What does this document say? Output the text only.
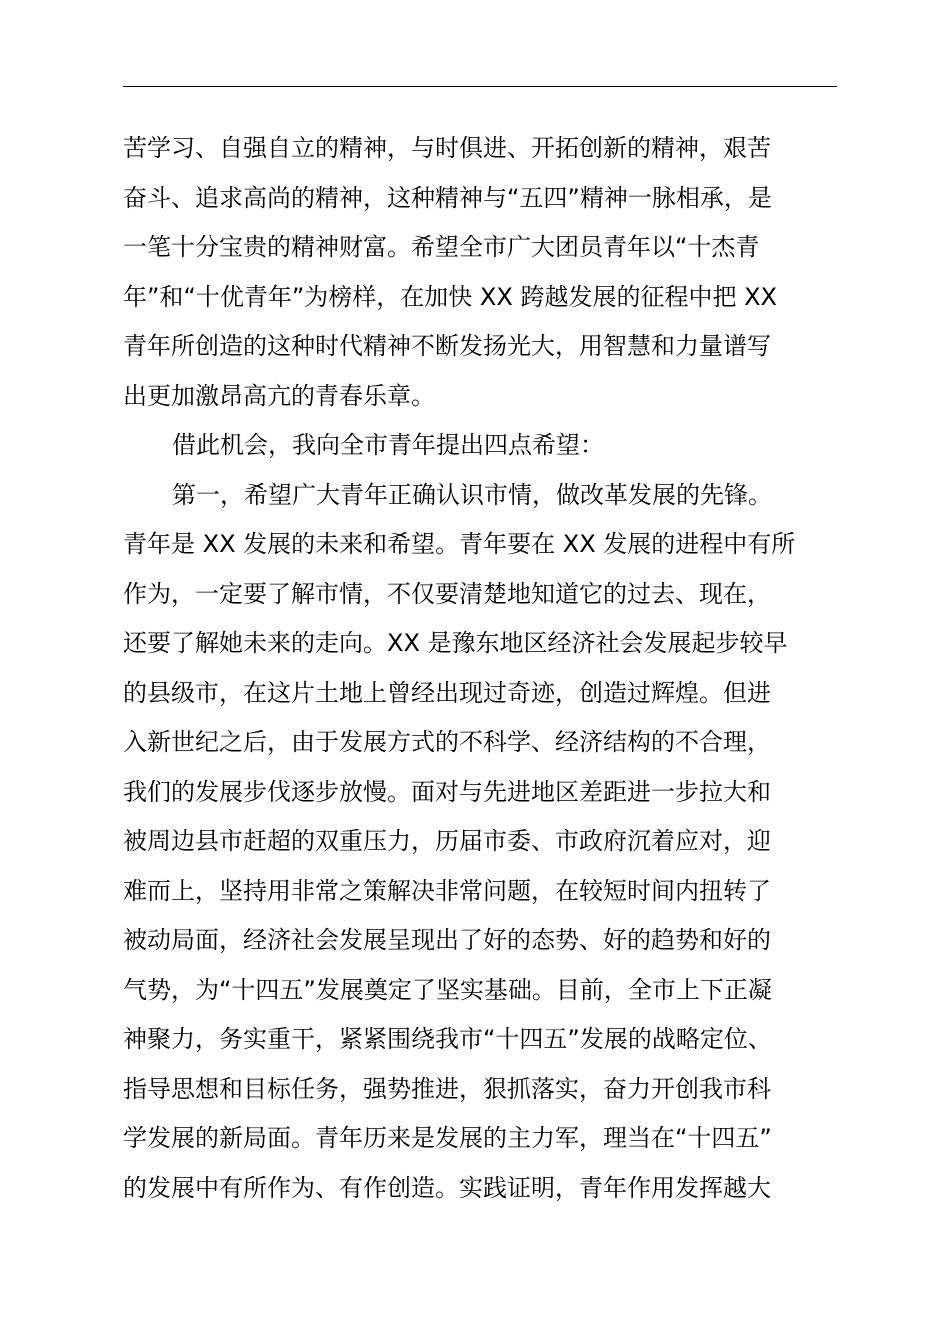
苦学习、自强自立的精神，与时俱进、开拓创新的精神，艰苦
奋斗、追求高尚的精神，这种精神与“五四”精神一脉相承，是
一笔十分宝贵的精神财富。希望全市广大团员青年以“十杰青
年”和“十优青年”为榜样，在加快 XX 跨越发展的征程中把 XX
青年所创造的这种时代精神不断发扬光大，用智慧和力量谱写
出更加激昂高亢的青春乐章。
借此机会，我向全市青年提出四点希望：
第一，希望广大青年正确认识市情，做改革发展的先锋。
青年是 XX 发展的未来和希望。青年要在 XX 发展的进程中有所
作为，一定要了解市情，不仅要清楚地知道它的过去、现在，
还要了解她未来的走向。XX 是豫东地区经济社会发展起步较早
的县级市，在这片土地上曾经出现过奇迹，创造过辉煌。但进
入新世纪之后，由于发展方式的不科学、经济结构的不合理，
我们的发展步伐逐步放慢。面对与先进地区差距进一步拉大和
被周边县市赶超的双重压力，历届市委、市政府沉着应对，迎
难而上，坚持用非常之策解决非常问题，在较短时间内扭转了
被动局面，经济社会发展呈现出了好的态势、好的趋势和好的
气势，为“十四五”发展奠定了坚实基础。目前，全市上下正凝
神聚力，务实重干，紧紧围绕我市“十四五”发展的战略定位、
指导思想和目标任务，强势推进，狠抓落实，奋力开创我市科
学发展的新局面。青年历来是发展的主力军，理当在“十四五”
的发展中有所作为、有作创造。实践证明，青年作用发挥越大
